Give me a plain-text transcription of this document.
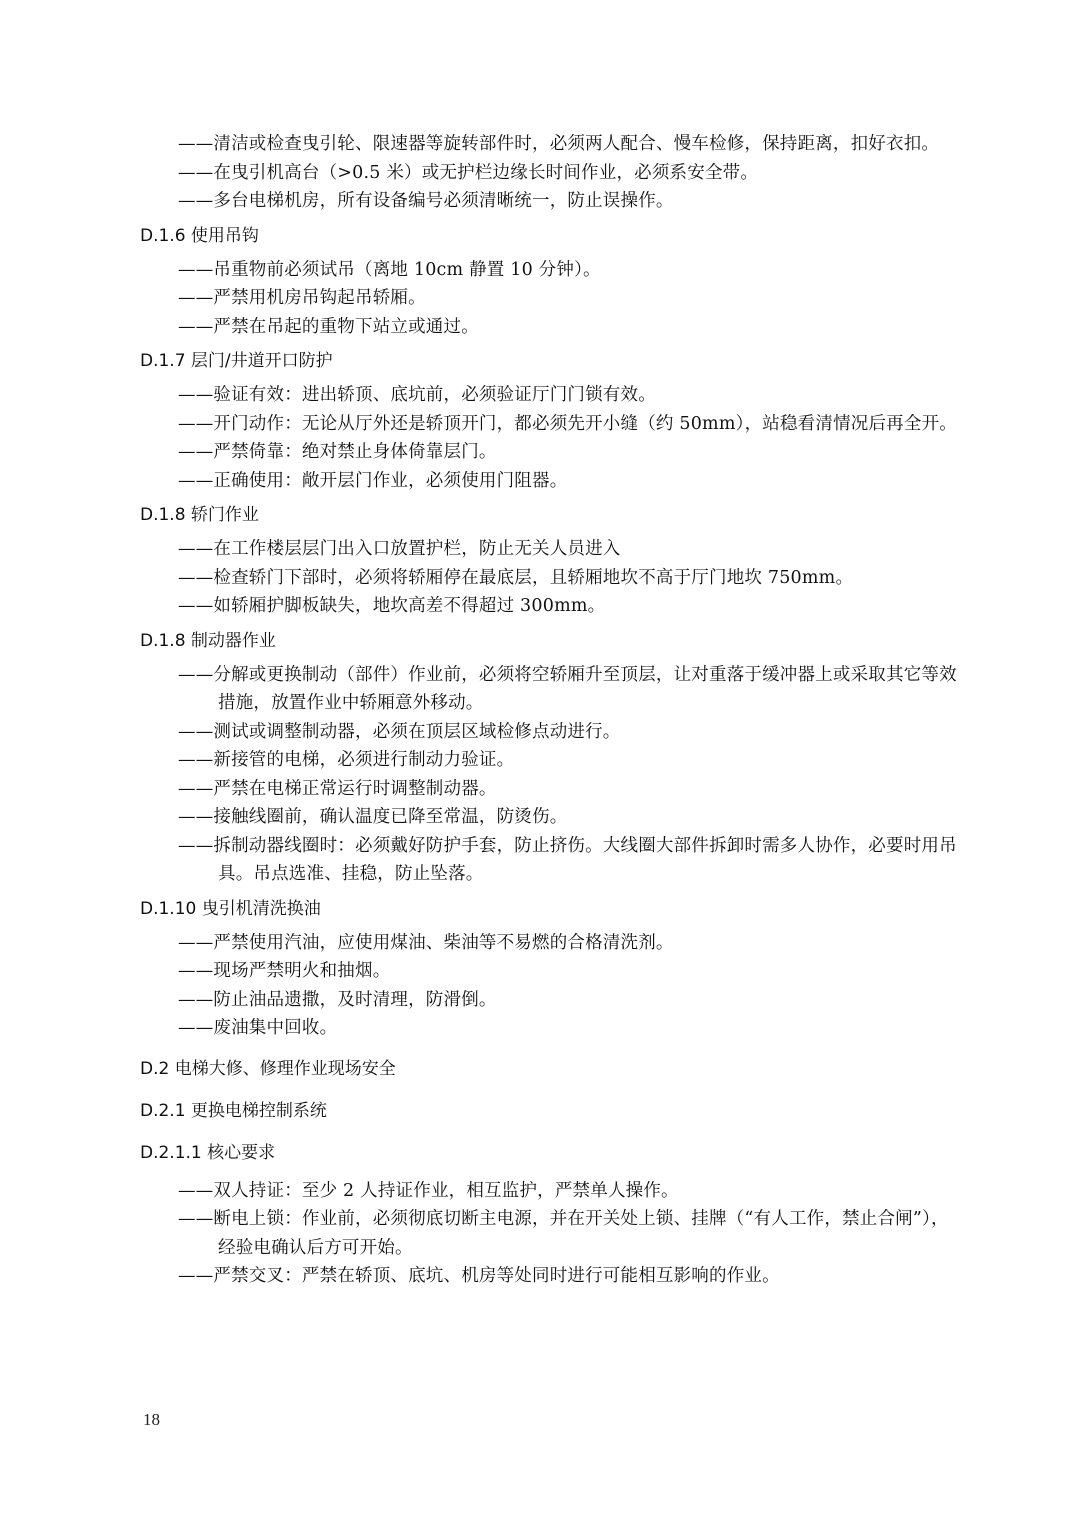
——清洁或检查曳引轮、限速器等旋转部件时，必须两人配合、慢车检修，保持距离，扣好衣扣。
——在曳引机高台（>0.5 米）或无护栏边缘长时间作业，必须系安全带。
——多台电梯机房，所有设备编号必须清晰统一，防止误操作。
D.1.6 使用吊钩
——吊重物前必须试吊（离地 10cm 静置 10 分钟）。
——严禁用机房吊钩起吊轿厢。
——严禁在吊起的重物下站立或通过。
D.1.7 层门/井道开口防护
——验证有效：进出轿顶、底坑前，必须验证厅门门锁有效。
——开门动作：无论从厅外还是轿顶开门，都必须先开小缝（约 50mm），站稳看清情况后再全开。
——严禁倚靠：绝对禁止身体倚靠层门。
——正确使用：敞开层门作业，必须使用门阻器。
D.1.8 轿门作业
——在工作楼层层门出入口放置护栏，防止无关人员进入
——检查轿门下部时，必须将轿厢停在最底层，且轿厢地坎不高于厅门地坎 750mm。
——如轿厢护脚板缺失，地坎高差不得超过 300mm。
D.1.8 制动器作业
——分解或更换制动（部件）作业前，必须将空轿厢升至顶层，让对重落于缓冲器上或采取其它等效措施，放置作业中轿厢意外移动。
——测试或调整制动器，必须在顶层区域检修点动进行。
——新接管的电梯，必须进行制动力验证。
——严禁在电梯正常运行时调整制动器。
——接触线圈前，确认温度已降至常温，防烫伤。
——拆制动器线圈时：必须戴好防护手套，防止挤伤。大线圈大部件拆卸时需多人协作，必要时用吊具。吊点选准、挂稳，防止坠落。
D.1.10 曳引机清洗换油
——严禁使用汽油，应使用煤油、柴油等不易燃的合格清洗剂。
——现场严禁明火和抽烟。
——防止油品遗撒，及时清理，防滑倒。
——废油集中回收。
D.2 电梯大修、修理作业现场安全
D.2.1 更换电梯控制系统
D.2.1.1 核心要求
——双人持证：至少 2 人持证作业，相互监护，严禁单人操作。
——断电上锁：作业前，必须彻底切断主电源，并在开关处上锁、挂牌（“有人工作，禁止合闸”），经验电确认后方可开始。
——严禁交叉：严禁在轿顶、底坑、机房等处同时进行可能相互影响的作业。
18
